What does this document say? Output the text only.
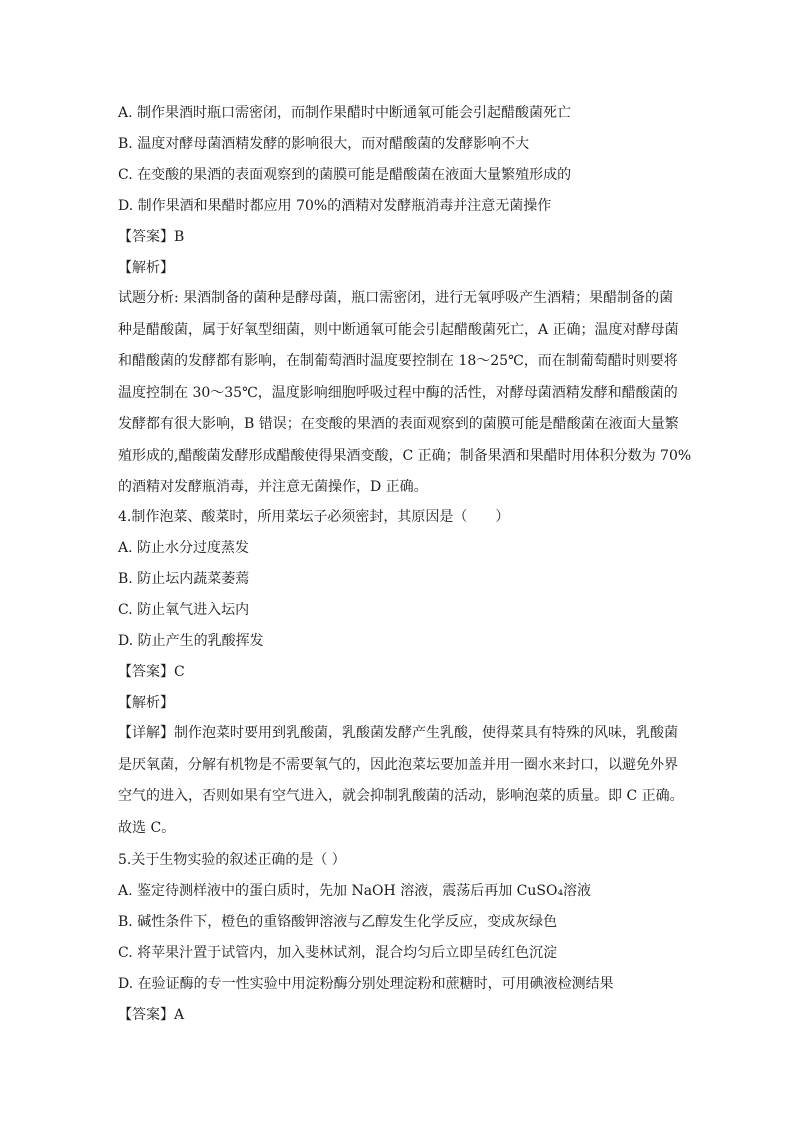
A. 制作果酒时瓶口需密闭，而制作果醋时中断通氧可能会引起醋酸菌死亡
B. 温度对酵母菌酒精发酵的影响很大，而对醋酸菌的发酵影响不大
C. 在变酸的果酒的表面观察到的菌膜可能是醋酸菌在液面大量繁殖形成的
D. 制作果酒和果醋时都应用 70%的酒精对发酵瓶消毒并注意无菌操作
【答案】B
【解析】

试题分析: 果酒制备的菌种是酵母菌，瓶口需密闭，进行无氧呼吸产生酒精；果醋制备的菌

种是醋酸菌，属于好氧型细菌，则中断通氧可能会引起醋酸菌死亡，A 正确；温度对酵母菌

和醋酸菌的发酵都有影响，在制葡萄酒时温度要控制在 18～25℃，而在制葡萄醋时则要将

温度控制在 30～35℃，温度影响细胞呼吸过程中酶的活性，对酵母菌酒精发酵和醋酸菌的

发酵都有很大影响，B 错误；在变酸的果酒的表面观察到的菌膜可能是醋酸菌在液面大量繁

殖形成的,醋酸菌发酵形成醋酸使得果酒变酸，C 正确；制备果酒和果醋时用体积分数为 70%

的酒精对发酵瓶消毒，并注意无菌操作，D 正确。

4.制作泡菜、酸菜时，所用菜坛子必须密封，其原因是（　　）
A. 防止水分过度蒸发
B. 防止坛内蔬菜萎蔫
C. 防止氧气进入坛内
D. 防止产生的乳酸挥发
【答案】C
【解析】

【详解】制作泡菜时要用到乳酸菌，乳酸菌发酵产生乳酸，使得菜具有特殊的风味，乳酸菌

是厌氧菌，分解有机物是不需要氧气的，因此泡菜坛要加盖并用一圈水来封口，以避免外界

空气的进入，否则如果有空气进入，就会抑制乳酸菌的活动，影响泡菜的质量。即 C 正确。

故选 C。

5.关于生物实验的叙述正确的是（ ）
A. 鉴定待测样液中的蛋白质时，先加 NaOH 溶液，震荡后再加 CuSO₄溶液
B. 碱性条件下，橙色的重铬酸钾溶液与乙醇发生化学反应，变成灰绿色
C. 将苹果汁置于试管内，加入斐林试剂，混合均匀后立即呈砖红色沉淀
D. 在验证酶的专一性实验中用淀粉酶分别处理淀粉和蔗糖时，可用碘液检测结果
【答案】A
